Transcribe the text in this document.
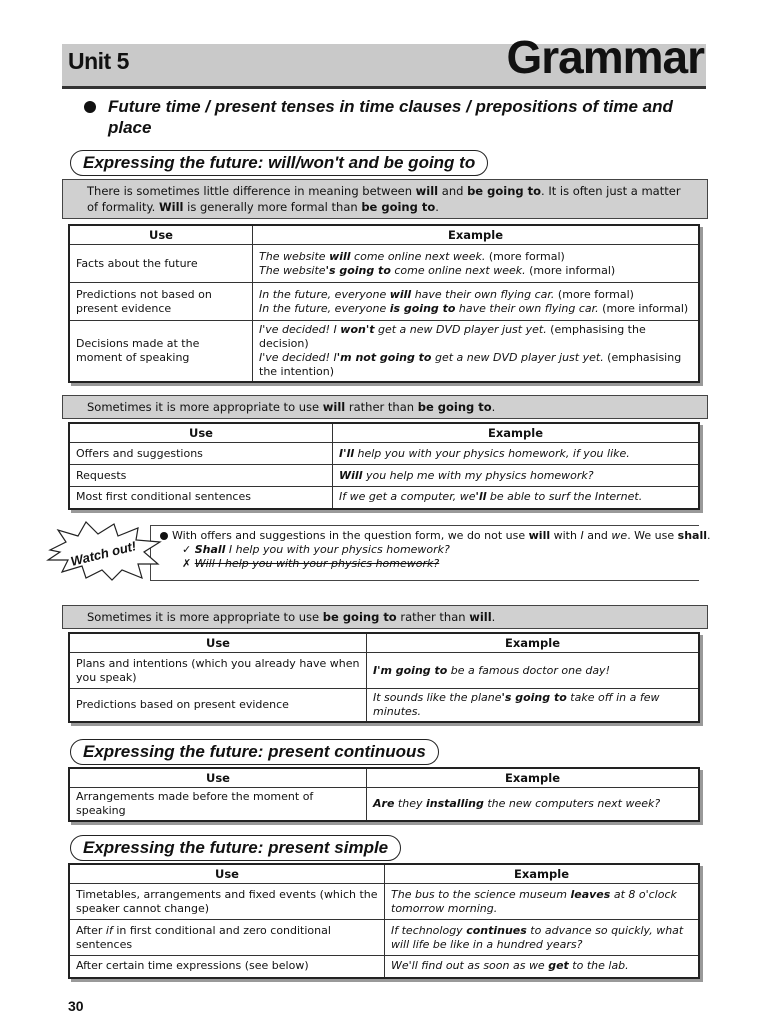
Unit 5	Grammar
Future time / present tenses in time clauses / prepositions of time and place
Expressing the future: will/won't and be going to
There is sometimes little difference in meaning between will and be going to. It is often just a matter of formality. Will is generally more formal than be going to.
Use	Example
Facts about the future	The website will come online next week. (more formal)
The website's going to come online next week. (more informal)
Predictions not based on present evidence	In the future, everyone will have their own flying car. (more formal)
In the future, everyone is going to have their own flying car. (more informal)
Decisions made at the moment of speaking	I've decided! I won't get a new DVD player just yet. (emphasising the decision)
I've decided! I'm not going to get a new DVD player just yet. (emphasising the intention)
Sometimes it is more appropriate to use will rather than be going to.
Use	Example
Offers and suggestions	I'll help you with your physics homework, if you like.
Requests	Will you help me with my physics homework?
Most first conditional sentences	If we get a computer, we'll be able to surf the Internet.
Watch out!
With offers and suggestions in the question form, we do not use will with I and we. We use shall.
✓ Shall I help you with your physics homework?
✗ Will I help you with your physics homework?
Sometimes it is more appropriate to use be going to rather than will.
Use	Example
Plans and intentions (which you already have when you speak)	I'm going to be a famous doctor one day!
Predictions based on present evidence	It sounds like the plane's going to take off in a few minutes.
Expressing the future: present continuous
Use	Example
Arrangements made before the moment of speaking	Are they installing the new computers next week?
Expressing the future: present simple
Use	Example
Timetables, arrangements and fixed events (which the speaker cannot change)	The bus to the science museum leaves at 8 o'clock tomorrow morning.
After if in first conditional and zero conditional sentences	If technology continues to advance so quickly, what will life be like in a hundred years?
After certain time expressions (see below)	We'll find out as soon as we get to the lab.
30
